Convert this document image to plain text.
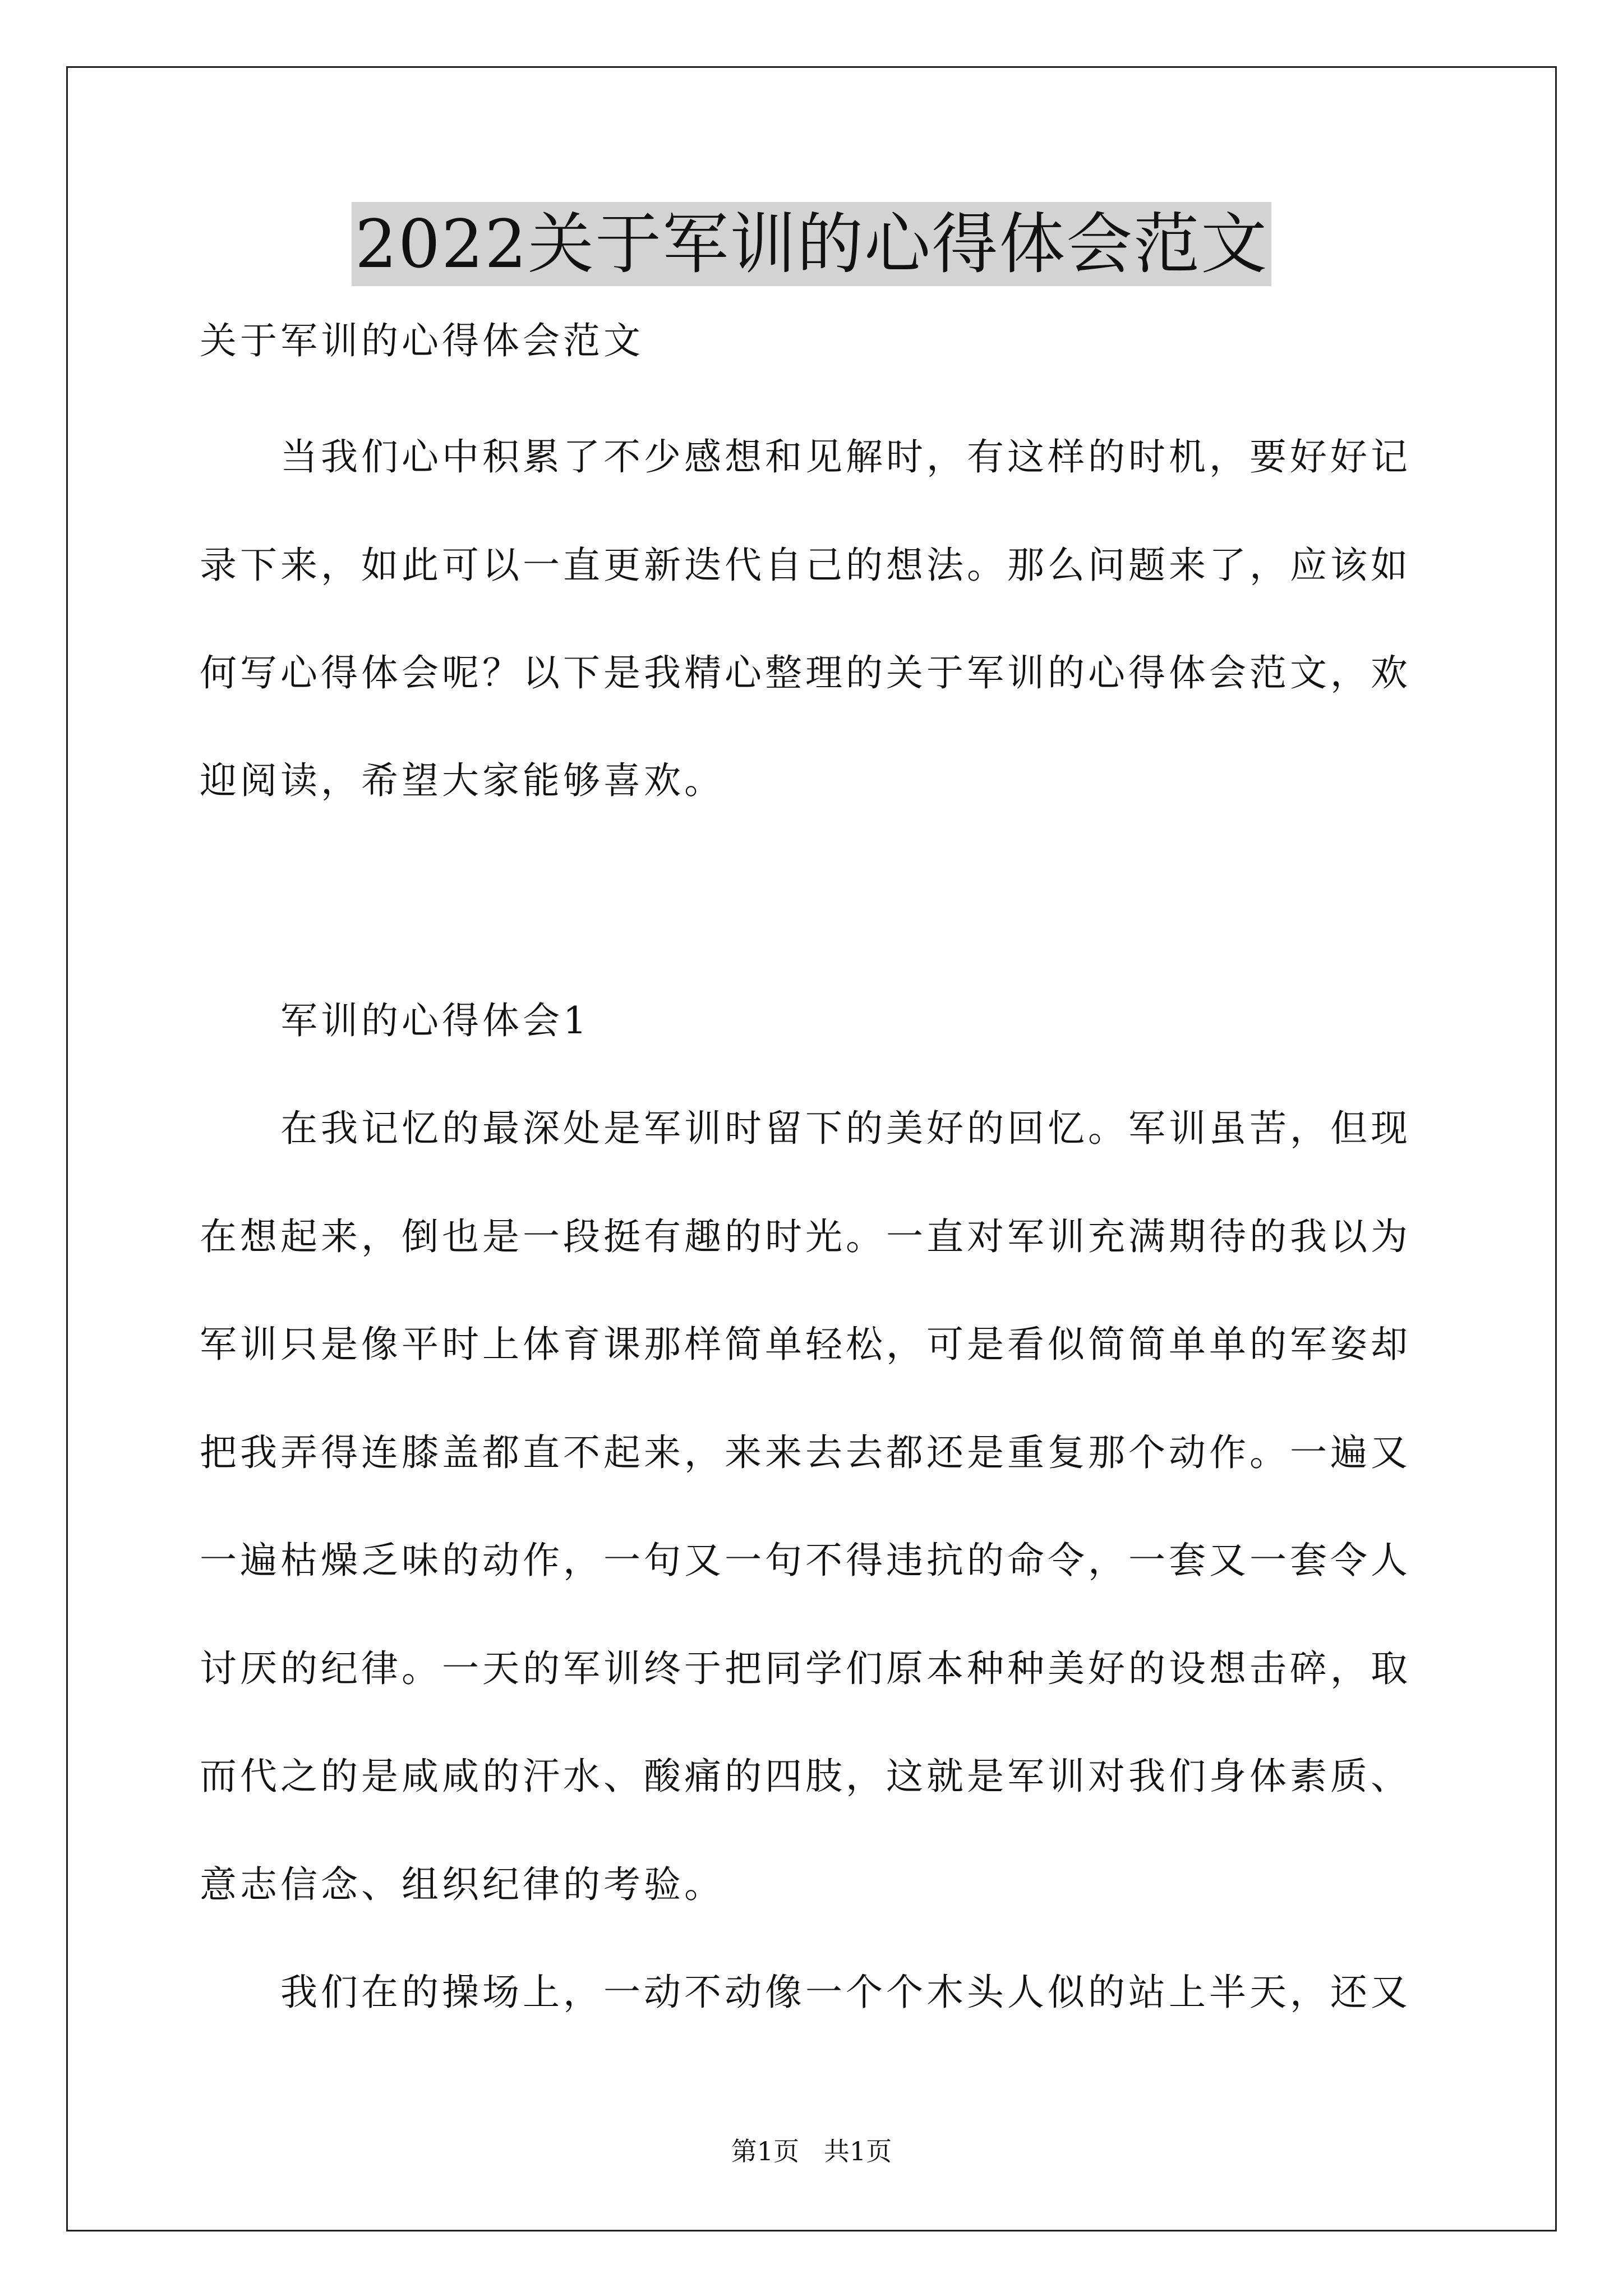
2022关于军训的心得体会范文
关于军训的心得体会范文
当我们心中积累了不少感想和见解时，有这样的时机，要好好记
录下来，如此可以一直更新迭代自己的想法。那么问题来了，应该如
何写心得体会呢？以下是我精心整理的关于军训的心得体会范文，欢
迎阅读，希望大家能够喜欢。
军训的心得体会1
在我记忆的最深处是军训时留下的美好的回忆。军训虽苦，但现
在想起来，倒也是一段挺有趣的时光。一直对军训充满期待的我以为
军训只是像平时上体育课那样简单轻松，可是看似简简单单的军姿却
把我弄得连膝盖都直不起来，来来去去都还是重复那个动作。一遍又
一遍枯燥乏味的动作，一句又一句不得违抗的命令，一套又一套令人
讨厌的纪律。一天的军训终于把同学们原本种种美好的设想击碎，取
而代之的是咸咸的汗水、酸痛的四肢，这就是军训对我们身体素质、
意志信念、组织纪律的考验。
我们在的操场上，一动不动像一个个木头人似的站上半天，还又
第1页   共1页
